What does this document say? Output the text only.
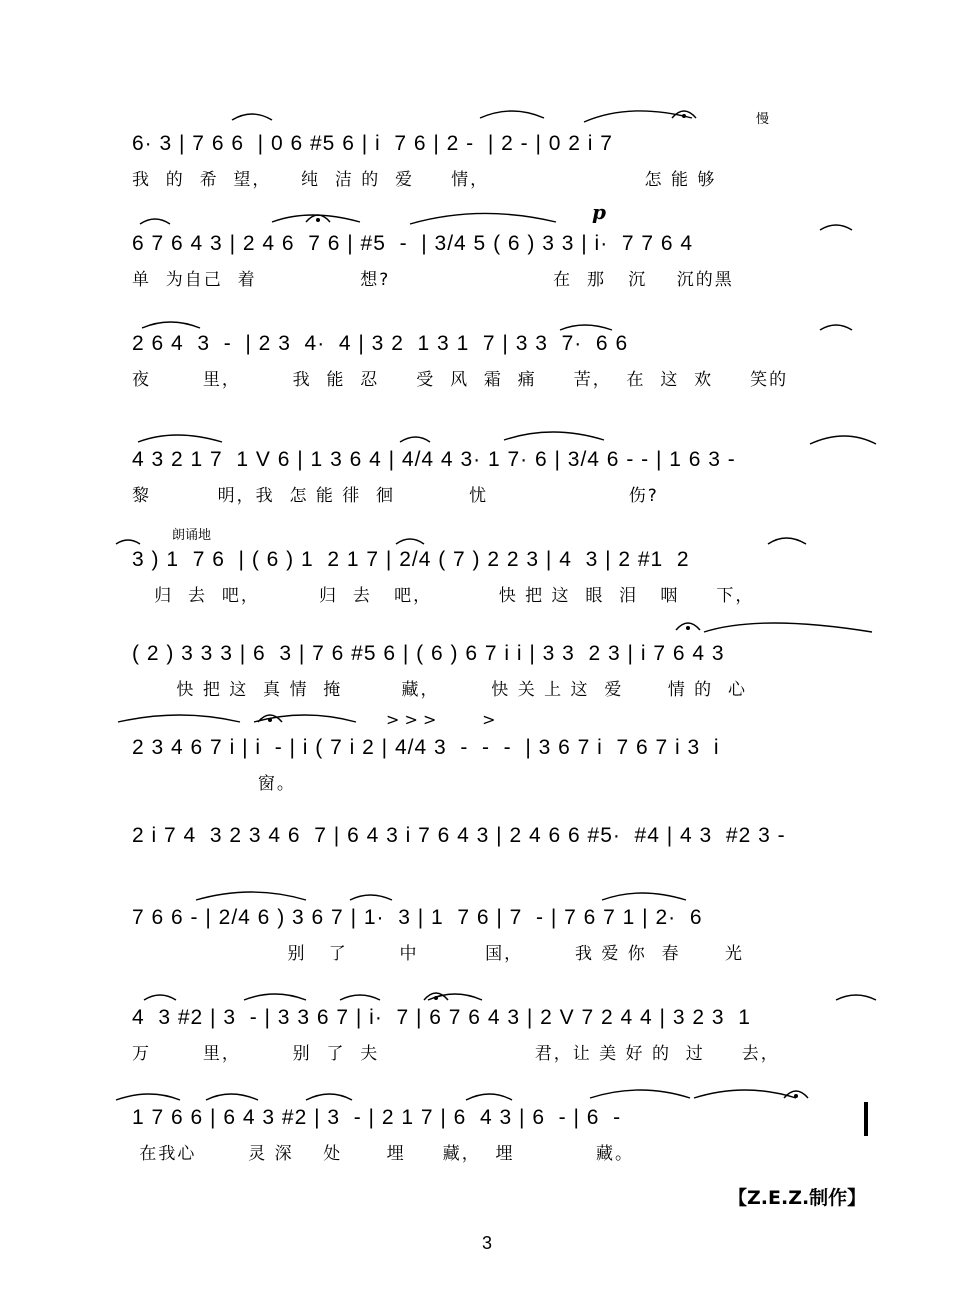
慢
朗诵地
p
> > >         >
6· 3 | 7 6 6  | 0 6 #5 6 | i  7 6 | 2 -  | 2 - | 0 2 i 7
我  的  希  望，    纯  洁 的  爱     情，                     怎 能 够
6 7 6 4 3 | 2 4 6  7 6 | #5  -  | 3/4 5 ( 6 ) 3 3 | i·  7 7 6 4
单  为自己  着              想?                      在  那   沉    沉的黑
2 6 4  3  -  | 2 3  4·  4 | 3 2  1 3 1  7 | 3 3  7·  6 6
夜       里，       我  能  忍     受  风  霜  痛     苦，  在  这  欢     笑的
4 3 2 1 7  1 V 6 | 1 3 6 4 | 4/4 4 3· 1 7· 6 | 3/4 6 - - | 1 6 3 -
黎         明，我  怎 能 徘  徊          忧                   伤?
3 ) 1  7 6  | ( 6 ) 1  2 1 7 | 2/4 ( 7 ) 2 2 3 | 4  3 | 2 #1  2
归  去  吧，        归  去   吧，         快 把 这  眼  泪   咽     下，
( 2 ) 3 3 3 | 6  3 | 7 6 #5 6 | ( 6 ) 6 7 i i | 3 3  2 3 | i 7 6 4 3
快 把 这  真 情  掩        藏，       快 关 上 这  爱      情 的  心
2 3 4 6 7 i | i  - | i ( 7 i 2 | 4/4 3  -  -  -  | 3 6 7 i  7 6 7 i 3  i
窗。
2 i 7 4  3 2 3 4 6  7 | 6 4 3 i 7 6 4 3 | 2 4 6 6 #5·  #4 | 4 3  #2 3 -
7 6 6 - | 2/4 6 ) 3 6 7 | 1·  3 | 1  7 6 | 7  - | 7 6 7 1 | 2·  6
别   了       中         国，       我 爱 你  春      光
4  3 #2 | 3  - | 3 3 6 7 | i·  7 | 6 7 6 4 3 | 2 V 7 2 4 4 | 3 2 3  1
万       里，       别  了  夫                     君，让 美 好 的  过     去，
1 7 6 6 | 6 4 3 #2 | 3  - | 2 1 7 | 6  4 3 | 6  - | 6  -
在我心       灵 深    处      埋     藏，  埋           藏。
【Z.E.Z.制作】
3
